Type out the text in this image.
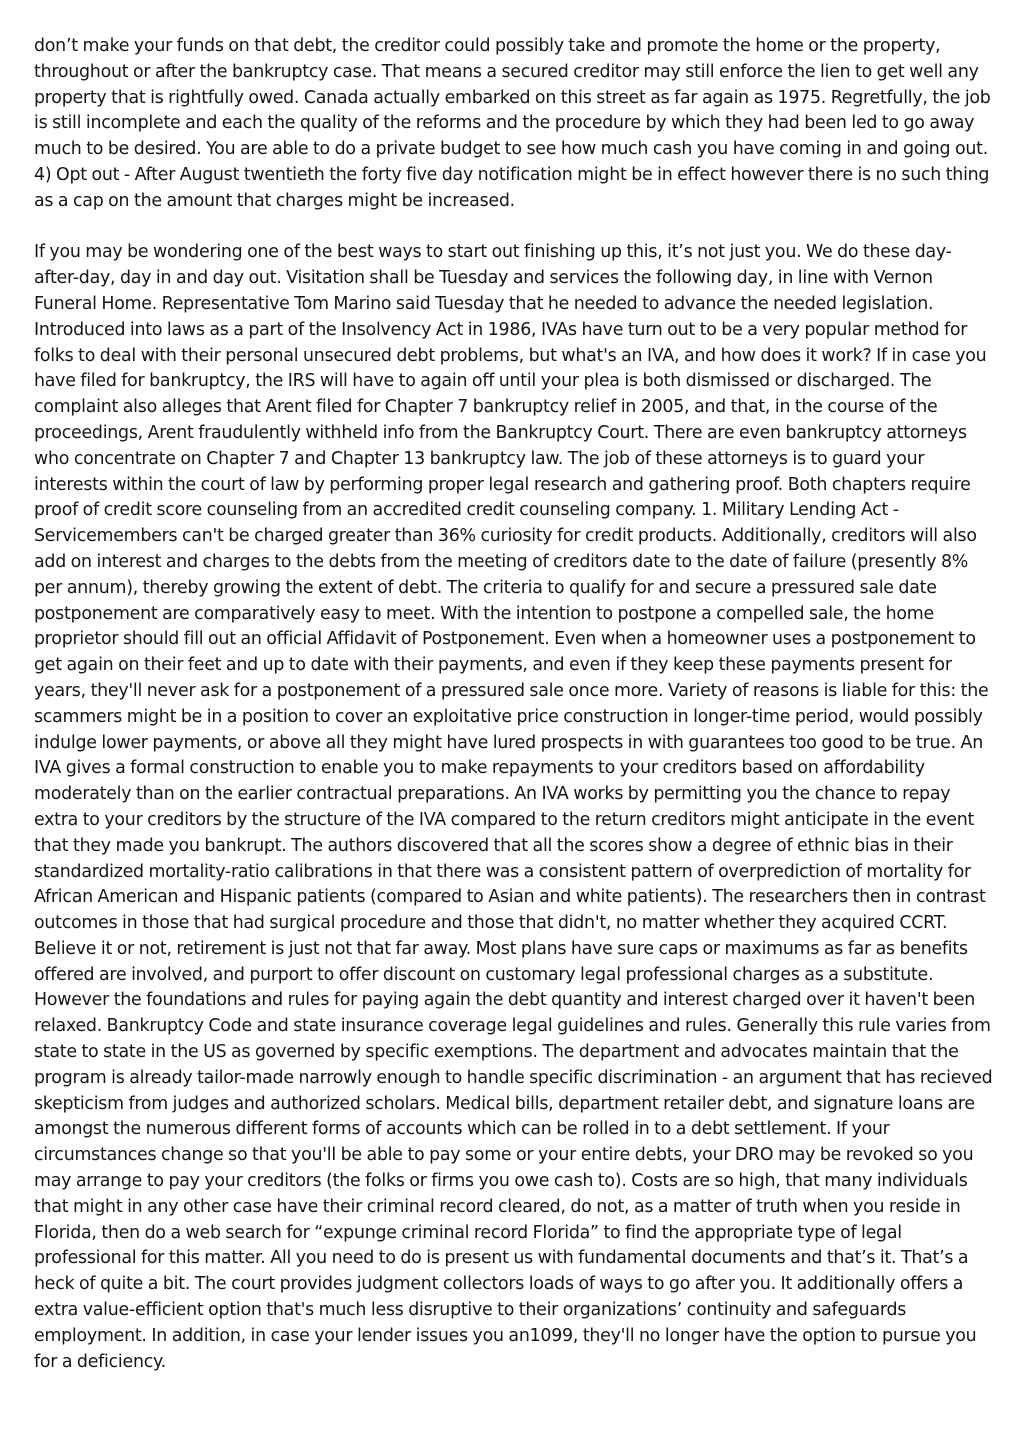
don’t make your funds on that debt, the creditor could possibly take and promote the home or the property, throughout or after the bankruptcy case. That means a secured creditor may still enforce the lien to get well any property that is rightfully owed. Canada actually embarked on this street as far again as 1975. Regretfully, the job is still incomplete and each the quality of the reforms and the procedure by which they had been led to go away much to be desired. You are able to do a private budget to see how much cash you have coming in and going out. 4) Opt out - After August twentieth the forty five day notification might be in effect however there is no such thing as a cap on the amount that charges might be increased.

If you may be wondering one of the best ways to start out finishing up this, it’s not just you. We do these day-after-day, day in and day out. Visitation shall be Tuesday and services the following day, in line with Vernon Funeral Home. Representative Tom Marino said Tuesday that he needed to advance the needed legislation. Introduced into laws as a part of the Insolvency Act in 1986, IVAs have turn out to be a very popular method for folks to deal with their personal unsecured debt problems, but what's an IVA, and how does it work? If in case you have filed for bankruptcy, the IRS will have to again off until your plea is both dismissed or discharged. The complaint also alleges that Arent filed for Chapter 7 bankruptcy relief in 2005, and that, in the course of the proceedings, Arent fraudulently withheld info from the Bankruptcy Court. There are even bankruptcy attorneys who concentrate on Chapter 7 and Chapter 13 bankruptcy law. The job of these attorneys is to guard your interests within the court of law by performing proper legal research and gathering proof. Both chapters require proof of credit score counseling from an accredited credit counseling company. 1. Military Lending Act - Servicemembers can't be charged greater than 36% curiosity for credit products. Additionally, creditors will also add on interest and charges to the debts from the meeting of creditors date to the date of failure (presently 8% per annum), thereby growing the extent of debt. The criteria to qualify for and secure a pressured sale date postponement are comparatively easy to meet. With the intention to postpone a compelled sale, the home proprietor should fill out an official Affidavit of Postponement. Even when a homeowner uses a postponement to get again on their feet and up to date with their payments, and even if they keep these payments present for years, they'll never ask for a postponement of a pressured sale once more. Variety of reasons is liable for this: the scammers might be in a position to cover an exploitative price construction in longer-time period, would possibly indulge lower payments, or above all they might have lured prospects in with guarantees too good to be true. An IVA gives a formal construction to enable you to make repayments to your creditors based on affordability moderately than on the earlier contractual preparations. An IVA works by permitting you the chance to repay extra to your creditors by the structure of the IVA compared to the return creditors might anticipate in the event that they made you bankrupt. The authors discovered that all the scores show a degree of ethnic bias in their standardized mortality-ratio calibrations in that there was a consistent pattern of overprediction of mortality for African American and Hispanic patients (compared to Asian and white patients). The researchers then in contrast outcomes in those that had surgical procedure and those that didn't, no matter whether they acquired CCRT. Believe it or not, retirement is just not that far away. Most plans have sure caps or maximums as far as benefits offered are involved, and purport to offer discount on customary legal professional charges as a substitute. However the foundations and rules for paying again the debt quantity and interest charged over it haven't been relaxed. Bankruptcy Code and state insurance coverage legal guidelines and rules. Generally this rule varies from state to state in the US as governed by specific exemptions. The department and advocates maintain that the program is already tailor-made narrowly enough to handle specific discrimination - an argument that has recieved skepticism from judges and authorized scholars. Medical bills, department retailer debt, and signature loans are amongst the numerous different forms of accounts which can be rolled in to a debt settlement. If your circumstances change so that you'll be able to pay some or your entire debts, your DRO may be revoked so you may arrange to pay your creditors (the folks or firms you owe cash to). Costs are so high, that many individuals that might in any other case have their criminal record cleared, do not, as a matter of truth when you reside in Florida, then do a web search for “expunge criminal record Florida” to find the appropriate type of legal professional for this matter. All you need to do is present us with fundamental documents and that’s it. That’s a heck of quite a bit. The court provides judgment collectors loads of ways to go after you. It additionally offers a extra value-efficient option that's much less disruptive to their organizations’ continuity and safeguards employment. In addition, in case your lender issues you an1099, they'll no longer have the option to pursue you for a deficiency.
